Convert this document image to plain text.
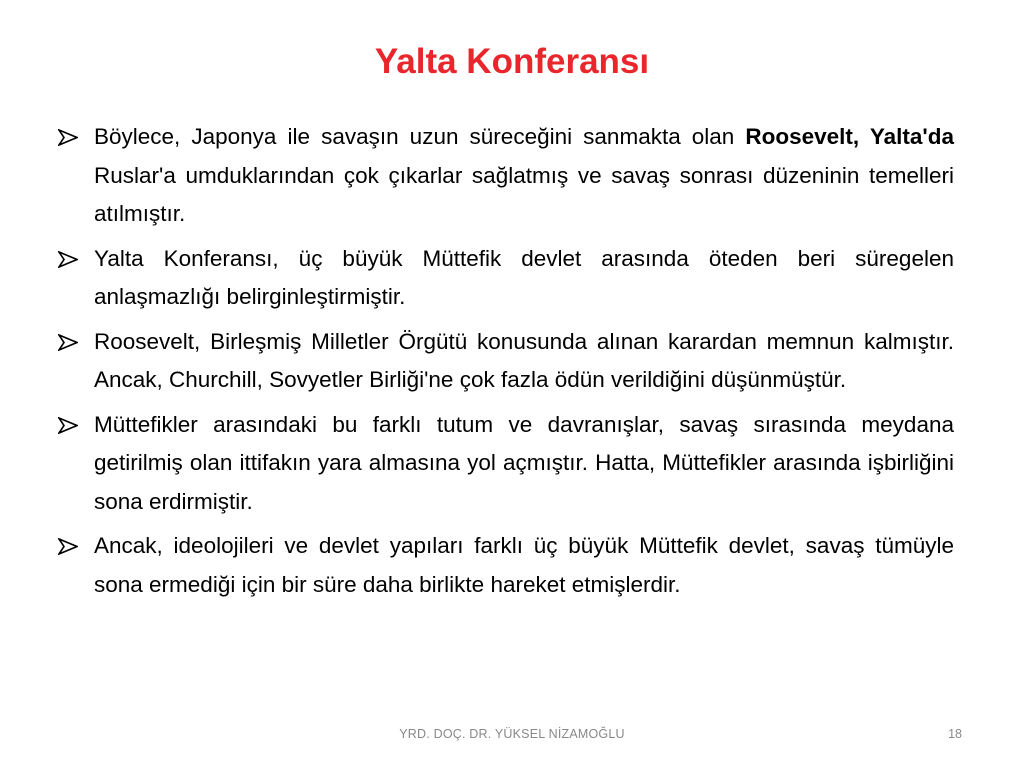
Yalta Konferansı
Böylece, Japonya ile savaşın uzun süreceğini sanmakta olan Roosevelt, Yalta'da Ruslar'a umduklarından çok çıkarlar sağlatmış ve savaş sonrası düzeninin temelleri atılmıştır.
Yalta Konferansı, üç büyük Müttefik devlet arasında öteden beri süregelen anlaşmazlığı belirginleştirmiştir.
Roosevelt, Birleşmiş Milletler Örgütü konusunda alınan karardan memnun kalmıştır. Ancak, Churchill, Sovyetler Birliği'ne çok fazla ödün verildiğini düşünmüştür.
Müttefikler arasındaki bu farklı tutum ve davranışlar, savaş sırasında meydana getirilmiş olan ittifakın yara almasına yol açmıştır. Hatta, Müttefikler arasında işbirliğini sona erdirmiştir.
Ancak, ideolojileri ve devlet yapıları farklı üç büyük Müttefik devlet, savaş tümüyle sona ermediği için bir süre daha birlikte hareket etmişlerdir.
YRD. DOÇ. DR. YÜKSEL NİZAMOĞLU	18
